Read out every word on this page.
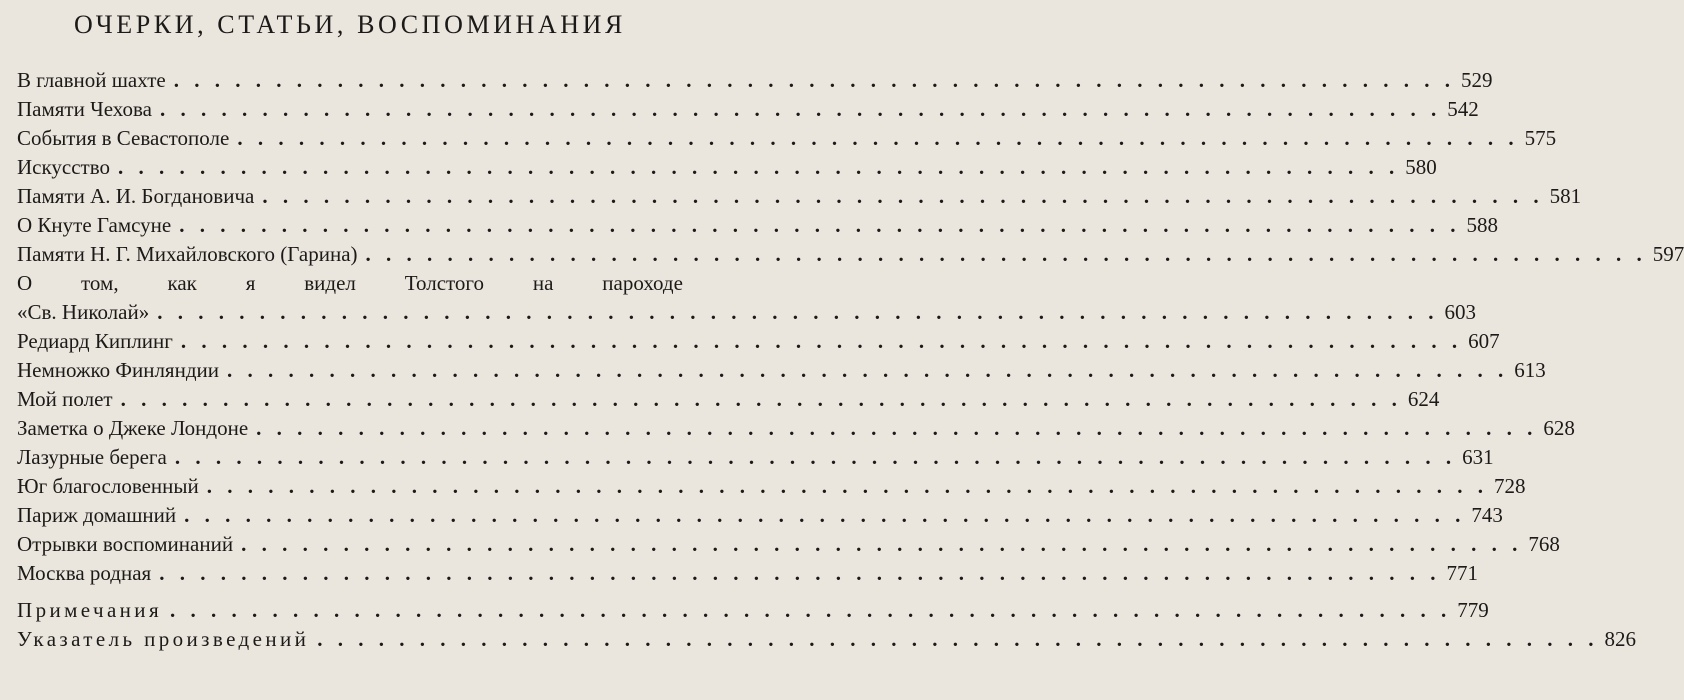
ОЧЕРКИ, СТАТЬИ, ВОСПОМИНАНИЯ
В главной шахте . . . . . . . . . . . . . . . . . . . . . . . . . . . . . . . . . . . . . . . . . . . . . . . . . . . . . . . . . . . . . . . 529
Памяти Чехова . . . . . . . . . . . . . . . . . . . . . . . . . . . . . . . . . . . . . . . . . . . . . . . . . . . . . . . . . . . . . . . 542
События в Севастополе . . . . . . . . . . . . . . . . . . . . . . . . . . . . . . . . . . . . . . . . . . . . . . . . . . . . . . . . . . . . . . . 575
Искусство . . . . . . . . . . . . . . . . . . . . . . . . . . . . . . . . . . . . . . . . . . . . . . . . . . . . . . . . . . . . . . . 580
Памяти А. И. Богдановича . . . . . . . . . . . . . . . . . . . . . . . . . . . . . . . . . . . . . . . . . . . . . . . . . . . . . . . . . . . . . . . 581
О Кнуте Гамсуне . . . . . . . . . . . . . . . . . . . . . . . . . . . . . . . . . . . . . . . . . . . . . . . . . . . . . . . . . . . . . . . 588
Памяти Н. Г. Михайловского (Гарина) . . . . . . . . . . . . . . . . . . . . . . . . . . . . . . . . . . . . . . . . . . . . . . . . . . . . . . . . . . . . . . . 597
О том, как я видел Толстого на пароходе
«Св. Николай» . . . . . . . . . . . . . . . . . . . . . . . . . . . . . . . . . . . . . . . . . . . . . . . . . . . . . . . . . . . . . . . 603
Редиард Киплинг . . . . . . . . . . . . . . . . . . . . . . . . . . . . . . . . . . . . . . . . . . . . . . . . . . . . . . . . . . . . . . . 607
Немножко Финляндии . . . . . . . . . . . . . . . . . . . . . . . . . . . . . . . . . . . . . . . . . . . . . . . . . . . . . . . . . . . . . . . 613
Мой полет . . . . . . . . . . . . . . . . . . . . . . . . . . . . . . . . . . . . . . . . . . . . . . . . . . . . . . . . . . . . . . . 624
Заметка о Джеке Лондоне . . . . . . . . . . . . . . . . . . . . . . . . . . . . . . . . . . . . . . . . . . . . . . . . . . . . . . . . . . . . . . . 628
Лазурные берега . . . . . . . . . . . . . . . . . . . . . . . . . . . . . . . . . . . . . . . . . . . . . . . . . . . . . . . . . . . . . . . 631
Юг благословенный . . . . . . . . . . . . . . . . . . . . . . . . . . . . . . . . . . . . . . . . . . . . . . . . . . . . . . . . . . . . . . . 728
Париж домашний . . . . . . . . . . . . . . . . . . . . . . . . . . . . . . . . . . . . . . . . . . . . . . . . . . . . . . . . . . . . . . . 743
Отрывки воспоминаний . . . . . . . . . . . . . . . . . . . . . . . . . . . . . . . . . . . . . . . . . . . . . . . . . . . . . . . . . . . . . . . 768
Москва родная . . . . . . . . . . . . . . . . . . . . . . . . . . . . . . . . . . . . . . . . . . . . . . . . . . . . . . . . . . . . . . . 771
Примечания . . . . . . . . . . . . . . . . . . . . . . . . . . . . . . . . . . . . . . . . . . . . . . . . . . . . . . . . . . . . . . . 779
Указатель произведений . . . . . . . . . . . . . . . . . . . . . . . . . . . . . . . . . . . . . . . . . . . . . . . . . . . . . . . . . . . . . . . 826
